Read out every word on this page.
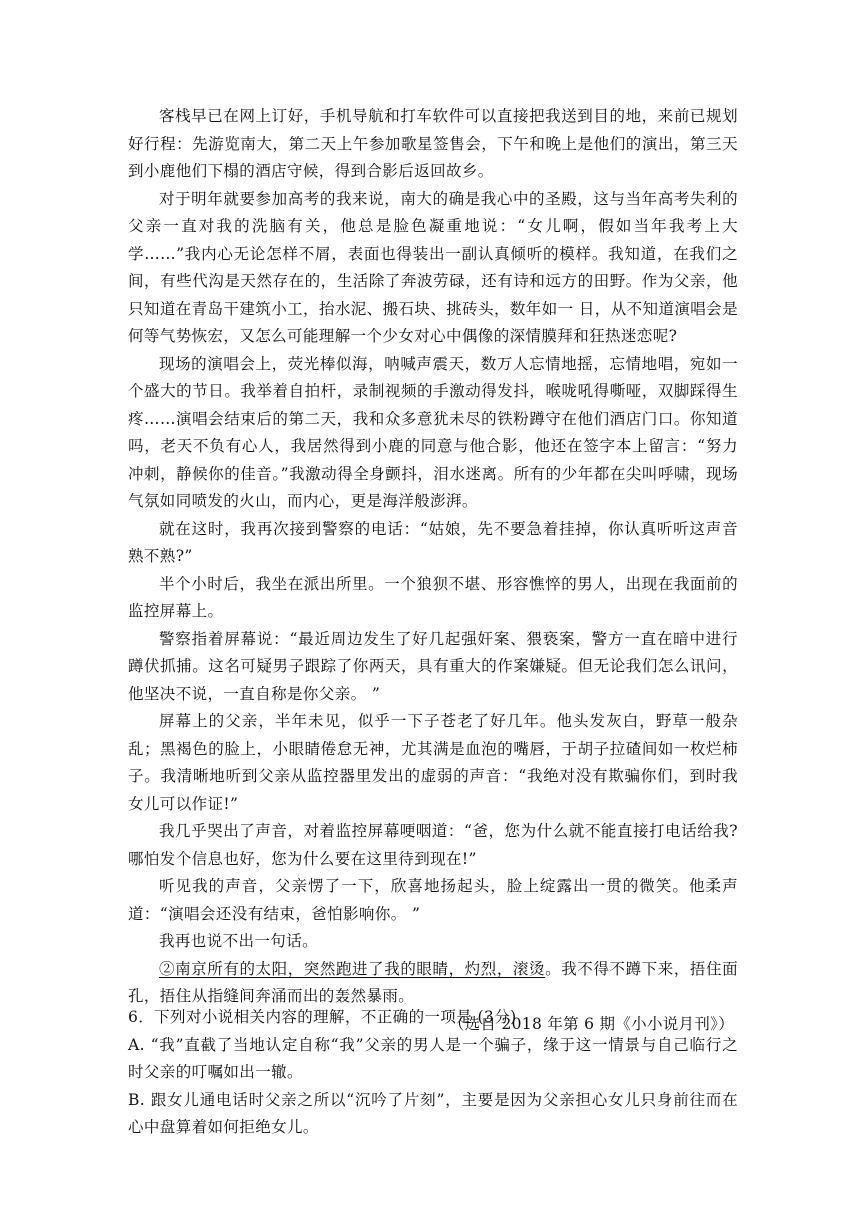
客栈早已在网上订好，手机导航和打车软件可以直接把我送到目的地，来前已规划好行程：先游览南大，第二天上午参加歌星签售会，下午和晚上是他们的演出，第三天到小鹿他们下榻的酒店守候，得到合影后返回故乡。

对于明年就要参加高考的我来说，南大的确是我心中的圣殿，这与当年高考失利的父亲一直对我的洗脑有关，他总是脸色凝重地说：“女儿啊，假如当年我考上大学……”我内心无论怎样不屑，表面也得装出一副认真倾听的模样。我知道，在我们之间，有些代沟是天然存在的，生活除了奔波劳碌，还有诗和远方的田野。作为父亲，他只知道在青岛干建筑小工，抬水泥、搬石块、挑砖头，数年如一 日，从不知道演唱会是何等气势恢宏，又怎么可能理解一个少女对心中偶像的深情膜拜和狂热迷恋呢?

现场的演唱会上，荧光棒似海，呐喊声震天，数万人忘情地摇，忘情地唱，宛如一个盛大的节日。我举着自拍杆，录制视频的手激动得发抖，喉咙吼得嘶哑，双脚踩得生疼……演唱会结束后的第二天，我和众多意犹未尽的铁粉蹲守在他们酒店门口。你知道吗，老天不负有心人，我居然得到小鹿的同意与他合影，他还在签字本上留言：“努力冲刺，静候你的佳音。”我激动得全身颤抖，泪水迷离。所有的少年都在尖叫呼啸，现场气氛如同喷发的火山，而内心，更是海洋般澎湃。

就在这时，我再次接到警察的电话：“姑娘，先不要急着挂掉，你认真听听这声音熟不熟?”

半个小时后，我坐在派出所里。一个狼狈不堪、形容憔悴的男人，出现在我面前的监控屏幕上。

警察指着屏幕说：“最近周边发生了好几起强奸案、猥亵案，警方一直在暗中进行蹲伏抓捕。这名可疑男子跟踪了你两天，具有重大的作案嫌疑。但无论我们怎么讯问，他坚决不说，一直自称是你父亲。 ”

屏幕上的父亲，半年未见，似乎一下子苍老了好几年。他头发灰白，野草一般杂乱；黑褐色的脸上，小眼睛倦怠无神，尤其满是血泡的嘴唇，于胡子拉碴间如一枚烂柿子。我清晰地听到父亲从监控器里发出的虚弱的声音：“我绝对没有欺骗你们，到时我女儿可以作证!”

我几乎哭出了声音，对着监控屏幕哽咽道：“爸，您为什么就不能直接打电话给我?哪怕发个信息也好，您为什么要在这里待到现在!”

听见我的声音，父亲愣了一下，欣喜地扬起头，脸上绽露出一贯的微笑。他柔声道：“演唱会还没有结束，爸怕影响你。 ”

我再也说不出一句话。

②南京所有的太阳，突然跑进了我的眼睛，灼烈，滚烫。我不得不蹲下来，捂住面孔，捂住从指缝间奔涌而出的轰然暴雨。

（选自 2018 年第 6 期《小小说月刊》）

6．下列对小说相关内容的理解，不正确的一项是 (3分)

A. “我”直截了当地认定自称“我”父亲的男人是一个骗子，缘于这一情景与自己临行之时父亲的叮嘱如出一辙。

B. 跟女儿通电话时父亲之所以“沉吟了片刻”，主要是因为父亲担心女儿只身前往而在心中盘算着如何拒绝女儿。
